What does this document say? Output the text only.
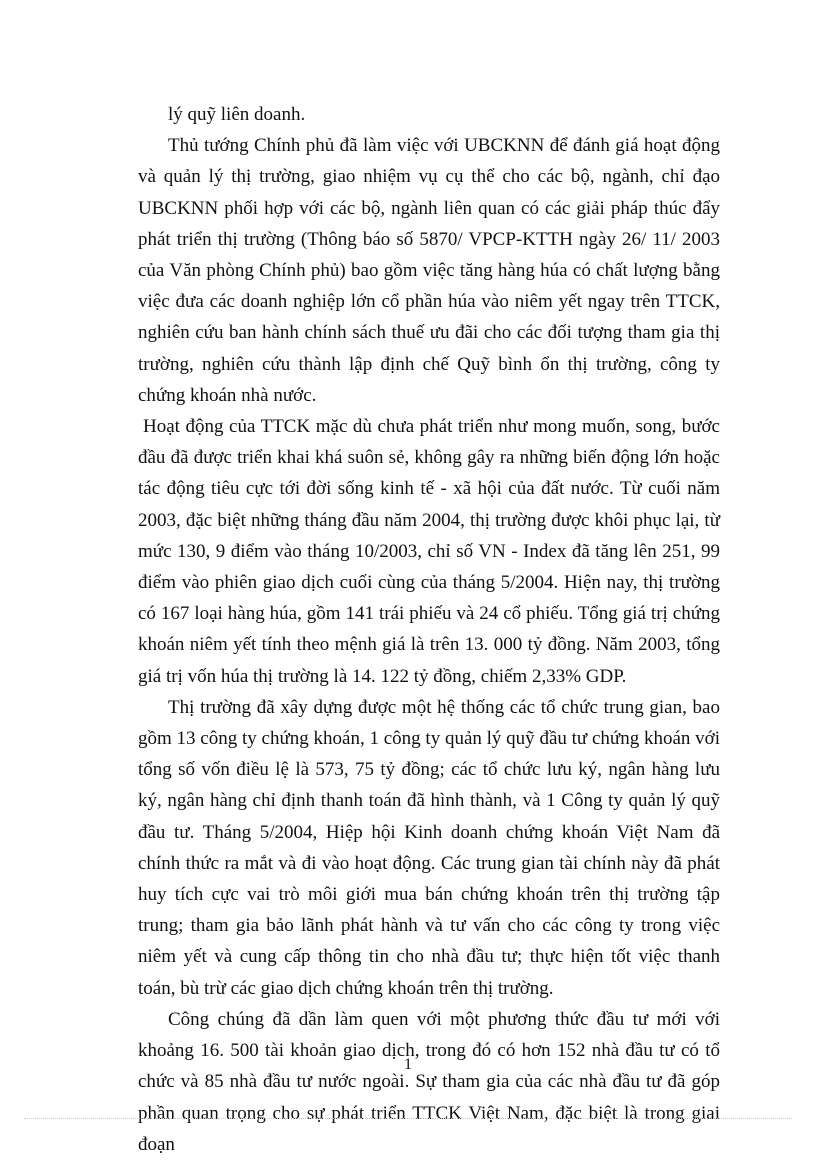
lý quỹ liên doanh.

Thủ tướng Chính phủ đã làm việc với UBCKNN để đánh giá hoạt động và quản lý thị trường, giao nhiệm vụ cụ thể cho các bộ, ngành, chỉ đạo UBCKNN phối hợp với các bộ, ngành liên quan có các giải pháp thúc đẩy phát triển thị trường (Thông báo số 5870/ VPCP-KTTH ngày 26/ 11/ 2003 của Văn phòng Chính phủ) bao gồm việc tăng hàng húa có chất lượng bằng việc đưa các doanh nghiệp lớn cổ phần húa vào niêm yết ngay trên TTCK, nghiên cứu ban hành chính sách thuế ưu đãi cho các đối tượng tham gia thị trường, nghiên cứu thành lập định chế Quỹ bình ổn thị trường, công ty chứng khoán nhà nước.

Hoạt động của TTCK mặc dù chưa phát triển như mong muốn, song, bước đầu đã được triển khai khá suôn sẻ, không gây ra những biến động lớn hoặc tác động tiêu cực tới đời sống kinh tế - xã hội của đất nước. Từ cuối năm 2003, đặc biệt những tháng đầu năm 2004, thị trường được khôi phục lại, từ mức 130, 9 điểm vào tháng 10/2003, chỉ số VN - Index đã tăng lên 251, 99 điểm vào phiên giao dịch cuối cùng của tháng 5/2004. Hiện nay, thị trường có 167 loại hàng húa, gồm 141 trái phiếu và 24 cổ phiếu. Tổng giá trị chứng khoán niêm yết tính theo mệnh giá là trên 13. 000 tỷ đồng. Năm 2003, tổng giá trị vốn húa thị trường là 14. 122 tỷ đồng, chiếm 2,33% GDP.

Thị trường đã xây dựng được một hệ thống các tổ chức trung gian, bao gồm 13 công ty chứng khoán, 1 công ty quản lý quỹ đầu tư chứng khoán với tổng số vốn điều lệ là 573, 75 tỷ đồng; các tổ chức lưu ký, ngân hàng lưu ký, ngân hàng chỉ định thanh toán đã hình thành, và 1 Công ty quản lý quỹ đầu tư. Tháng 5/2004, Hiệp hội Kinh doanh chứng khoán Việt Nam đã chính thức ra mắt và đi vào hoạt động. Các trung gian tài chính này đã phát huy tích cực vai trò môi giới mua bán chứng khoán trên thị trường tập trung; tham gia bảo lãnh phát hành và tư vấn cho các công ty trong việc niêm yết và cung cấp thông tin cho nhà đầu tư; thực hiện tốt việc thanh toán, bù trừ các giao dịch chứng khoán trên thị trường.

Công chúng đã dần làm quen với một phương thức đầu tư mới với khoảng 16. 500 tài khoản giao dịch, trong đó có hơn 152 nhà đầu tư có tổ chức và 85 nhà đầu tư nước ngoài. Sự tham gia của các nhà đầu tư đã góp phần quan trọng cho sự phát triển TTCK Việt Nam, đặc biệt là trong giai đoạn

1
